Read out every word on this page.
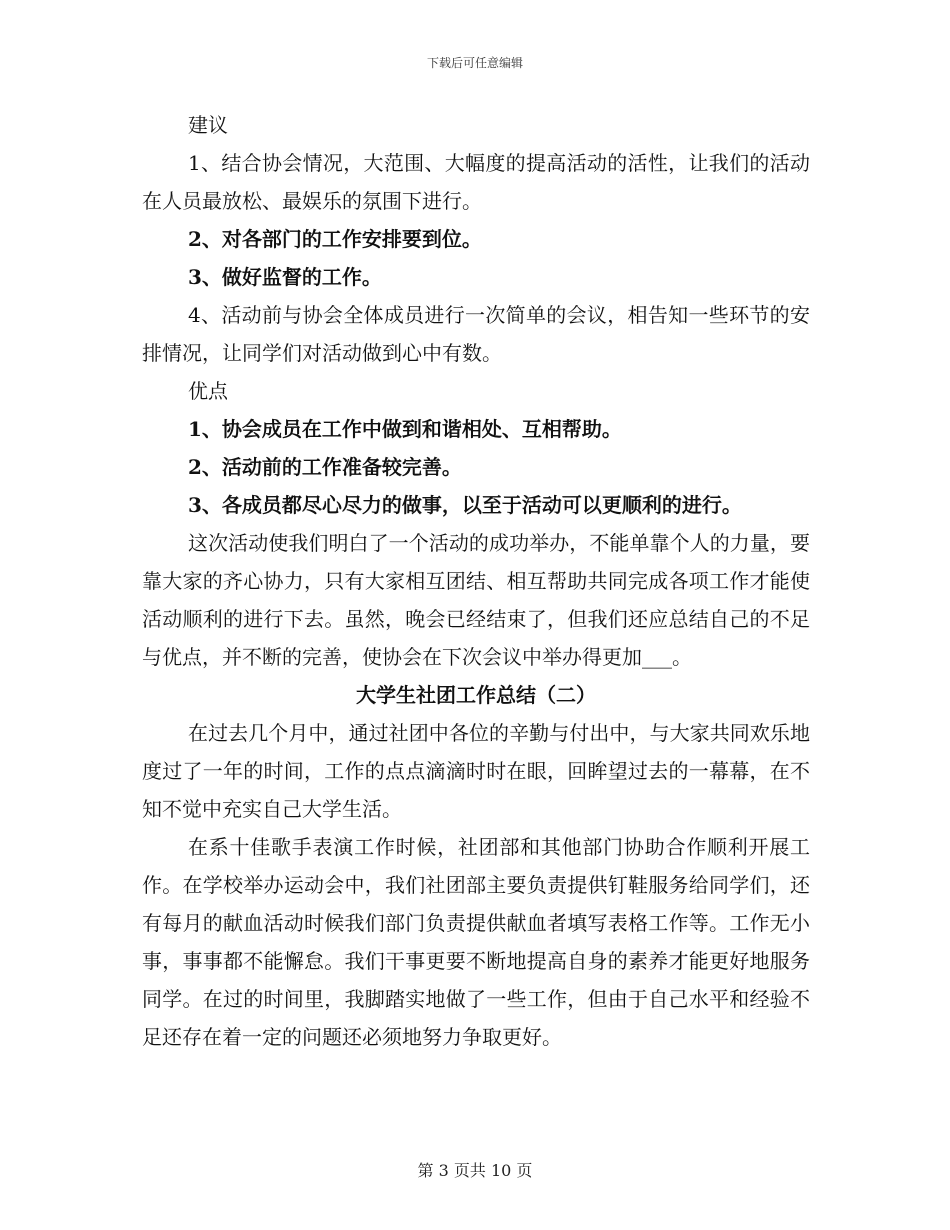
下载后可任意编辑

建议

1、结合协会情况，大范围、大幅度的提高活动的活性，让我们的活动在人员最放松、最娱乐的氛围下进行。

2、对各部门的工作安排要到位。

3、做好监督的工作。

4、活动前与协会全体成员进行一次简单的会议，相告知一些环节的安排情况，让同学们对活动做到心中有数。

优点

1、协会成员在工作中做到和谐相处、互相帮助。

2、活动前的工作准备较完善。

3、各成员都尽心尽力的做事，以至于活动可以更顺利的进行。

这次活动使我们明白了一个活动的成功举办，不能单靠个人的力量，要靠大家的齐心协力，只有大家相互团结、相互帮助共同完成各项工作才能使活动顺利的进行下去。虽然，晚会已经结束了，但我们还应总结自己的不足与优点，并不断的完善，使协会在下次会议中举办得更加___。

大学生社团工作总结（二）

在过去几个月中，通过社团中各位的辛勤与付出中，与大家共同欢乐地度过了一年的时间，工作的点点滴滴时时在眼，回眸望过去的一幕幕，在不知不觉中充实自己大学生活。

在系十佳歌手表演工作时候，社团部和其他部门协助合作顺利开展工作。在学校举办运动会中，我们社团部主要负责提供钉鞋服务给同学们，还有每月的献血活动时候我们部门负责提供献血者填写表格工作等。工作无小事，事事都不能懈怠。我们干事更要不断地提高自身的素养才能更好地服务同学。在过的时间里，我脚踏实地做了一些工作，但由于自己水平和经验不足还存在着一定的问题还必须地努力争取更好。

第 3 页共 10 页
